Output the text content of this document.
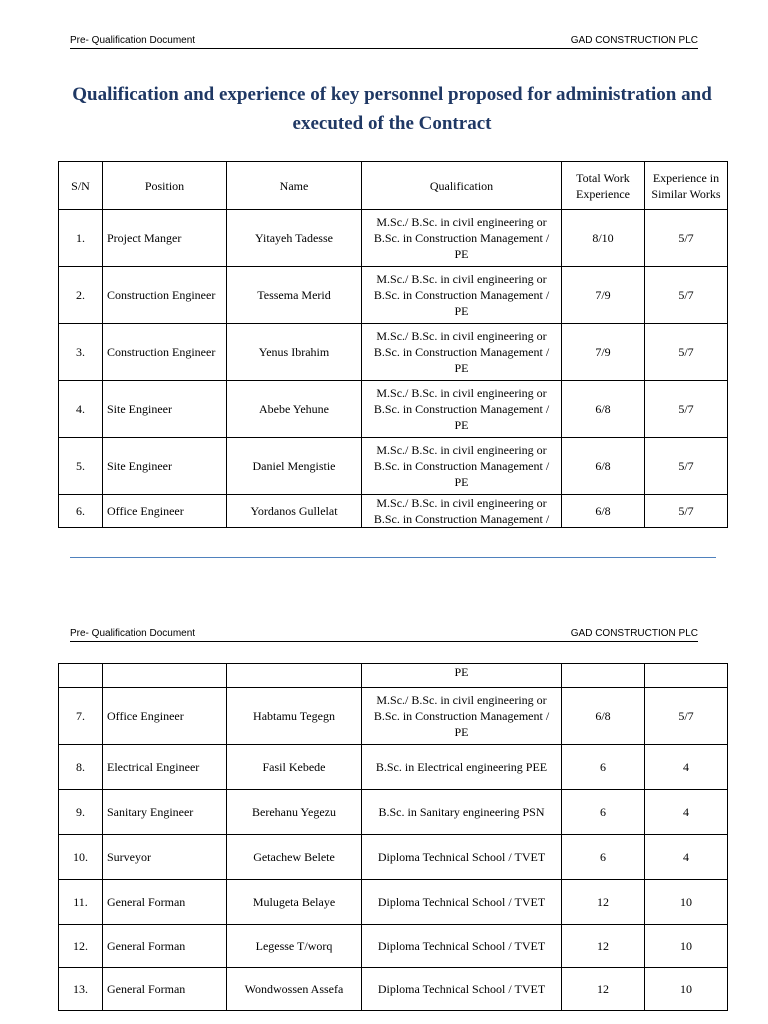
Pre- Qualification Document	GAD CONSTRUCTION PLC
Qualification and experience of key personnel proposed for administration and executed of the Contract
S/N	Position	Name	Qualification	Total Work Experience	Experience in Similar Works
1.	Project Manger	Yitayeh Tadesse	M.Sc./ B.Sc. in civil engineering or B.Sc. in Construction Management / PE	8/10	5/7
2.	Construction Engineer	Tessema Merid	M.Sc./ B.Sc. in civil engineering or B.Sc. in Construction Management / PE	7/9	5/7
3.	Construction Engineer	Yenus Ibrahim	M.Sc./ B.Sc. in civil engineering or B.Sc. in Construction Management / PE	7/9	5/7
4.	Site Engineer	Abebe Yehune	M.Sc./ B.Sc. in civil engineering or B.Sc. in Construction Management / PE	6/8	5/7
5.	Site Engineer	Daniel Mengistie	M.Sc./ B.Sc. in civil engineering or B.Sc. in Construction Management / PE	6/8	5/7
6.	Office Engineer	Yordanos Gullelat	M.Sc./ B.Sc. in civil engineering or B.Sc. in Construction Management /	6/8	5/7
Pre- Qualification Document	GAD CONSTRUCTION PLC
			PE		
7.	Office Engineer	Habtamu Tegegn	M.Sc./ B.Sc. in civil engineering or B.Sc. in Construction Management / PE	6/8	5/7
8.	Electrical Engineer	Fasil Kebede	B.Sc. in Electrical engineering PEE	6	4
9.	Sanitary Engineer	Berehanu Yegezu	B.Sc. in Sanitary engineering PSN	6	4
10.	Surveyor	Getachew Belete	Diploma Technical School / TVET	6	4
11.	General Forman	Mulugeta Belaye	Diploma Technical School / TVET	12	10
12.	General Forman	Legesse T/worq	Diploma Technical School / TVET	12	10
13.	General Forman	Wondwossen Assefa	Diploma Technical School / TVET	12	10
